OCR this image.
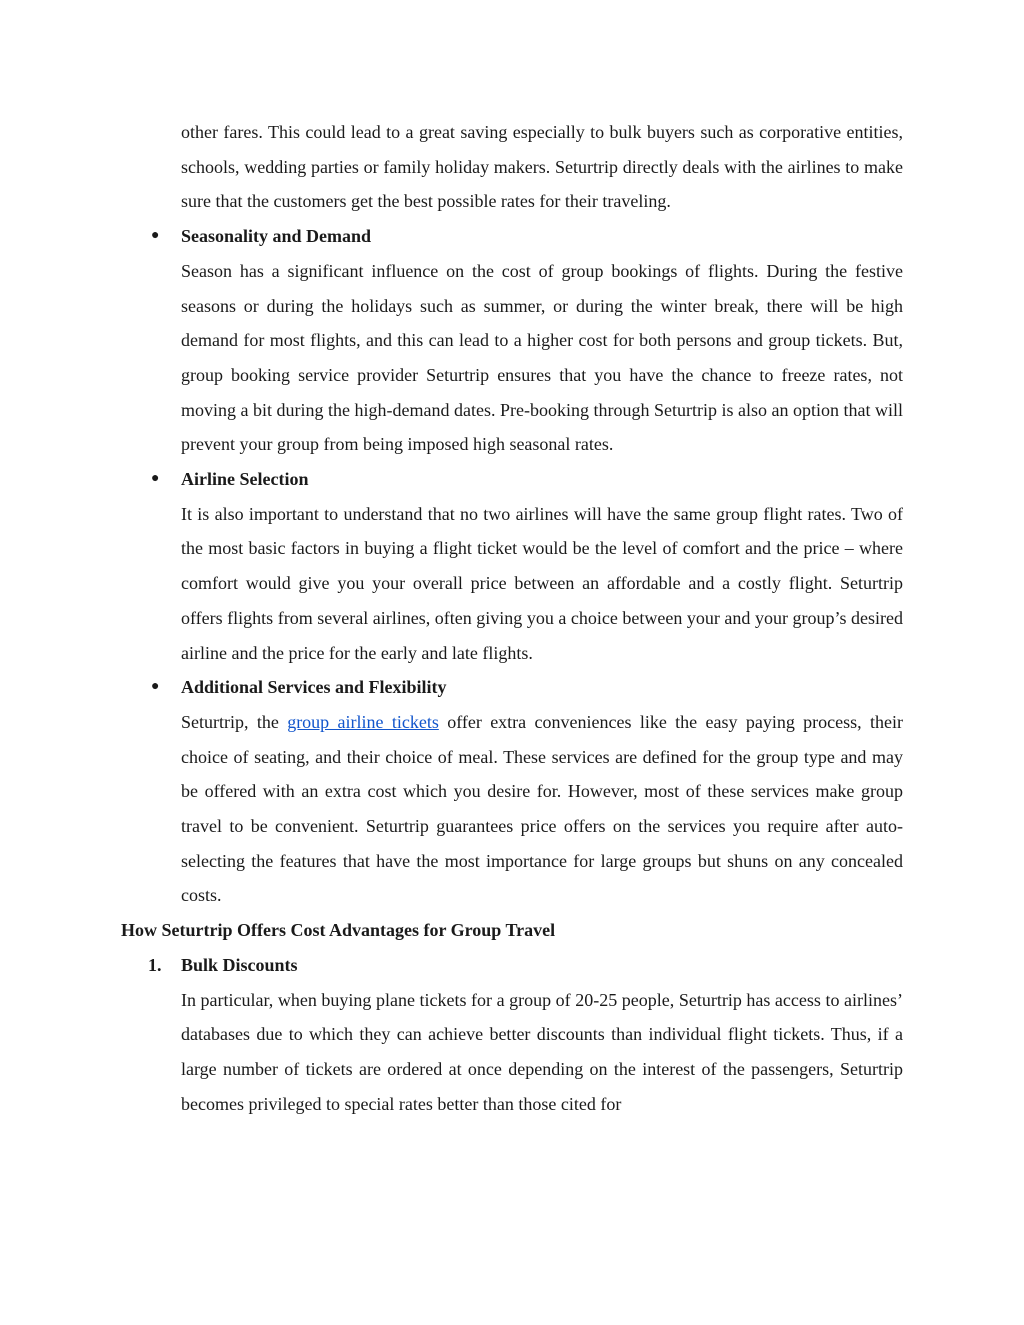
other fares. This could lead to a great saving especially to bulk buyers such as corporative entities, schools, wedding parties or family holiday makers. Seturtrip directly deals with the airlines to make sure that the customers get the best possible rates for their traveling.

● Seasonality and Demand

Season has a significant influence on the cost of group bookings of flights. During the festive seasons or during the holidays such as summer, or during the winter break, there will be high demand for most flights, and this can lead to a higher cost for both persons and group tickets. But, group booking service provider Seturtrip ensures that you have the chance to freeze rates, not moving a bit during the high-demand dates. Pre-booking through Seturtrip is also an option that will prevent your group from being imposed high seasonal rates.

● Airline Selection

It is also important to understand that no two airlines will have the same group flight rates. Two of the most basic factors in buying a flight ticket would be the level of comfort and the price – where comfort would give you your overall price between an affordable and a costly flight. Seturtrip offers flights from several airlines, often giving you a choice between your and your group’s desired airline and the price for the early and late flights.

● Additional Services and Flexibility

Seturtrip, the group airline tickets offer extra conveniences like the easy paying process, their choice of seating, and their choice of meal. These services are defined for the group type and may be offered with an extra cost which you desire for. However, most of these services make group travel to be convenient. Seturtrip guarantees price offers on the services you require after auto-selecting the features that have the most importance for large groups but shuns on any concealed costs.

How Seturtrip Offers Cost Advantages for Group Travel
1. Bulk Discounts

In particular, when buying plane tickets for a group of 20-25 people, Seturtrip has access to airlines’ databases due to which they can achieve better discounts than individual flight tickets. Thus, if a large number of tickets are ordered at once depending on the interest of the passengers, Seturtrip becomes privileged to special rates better than those cited for
